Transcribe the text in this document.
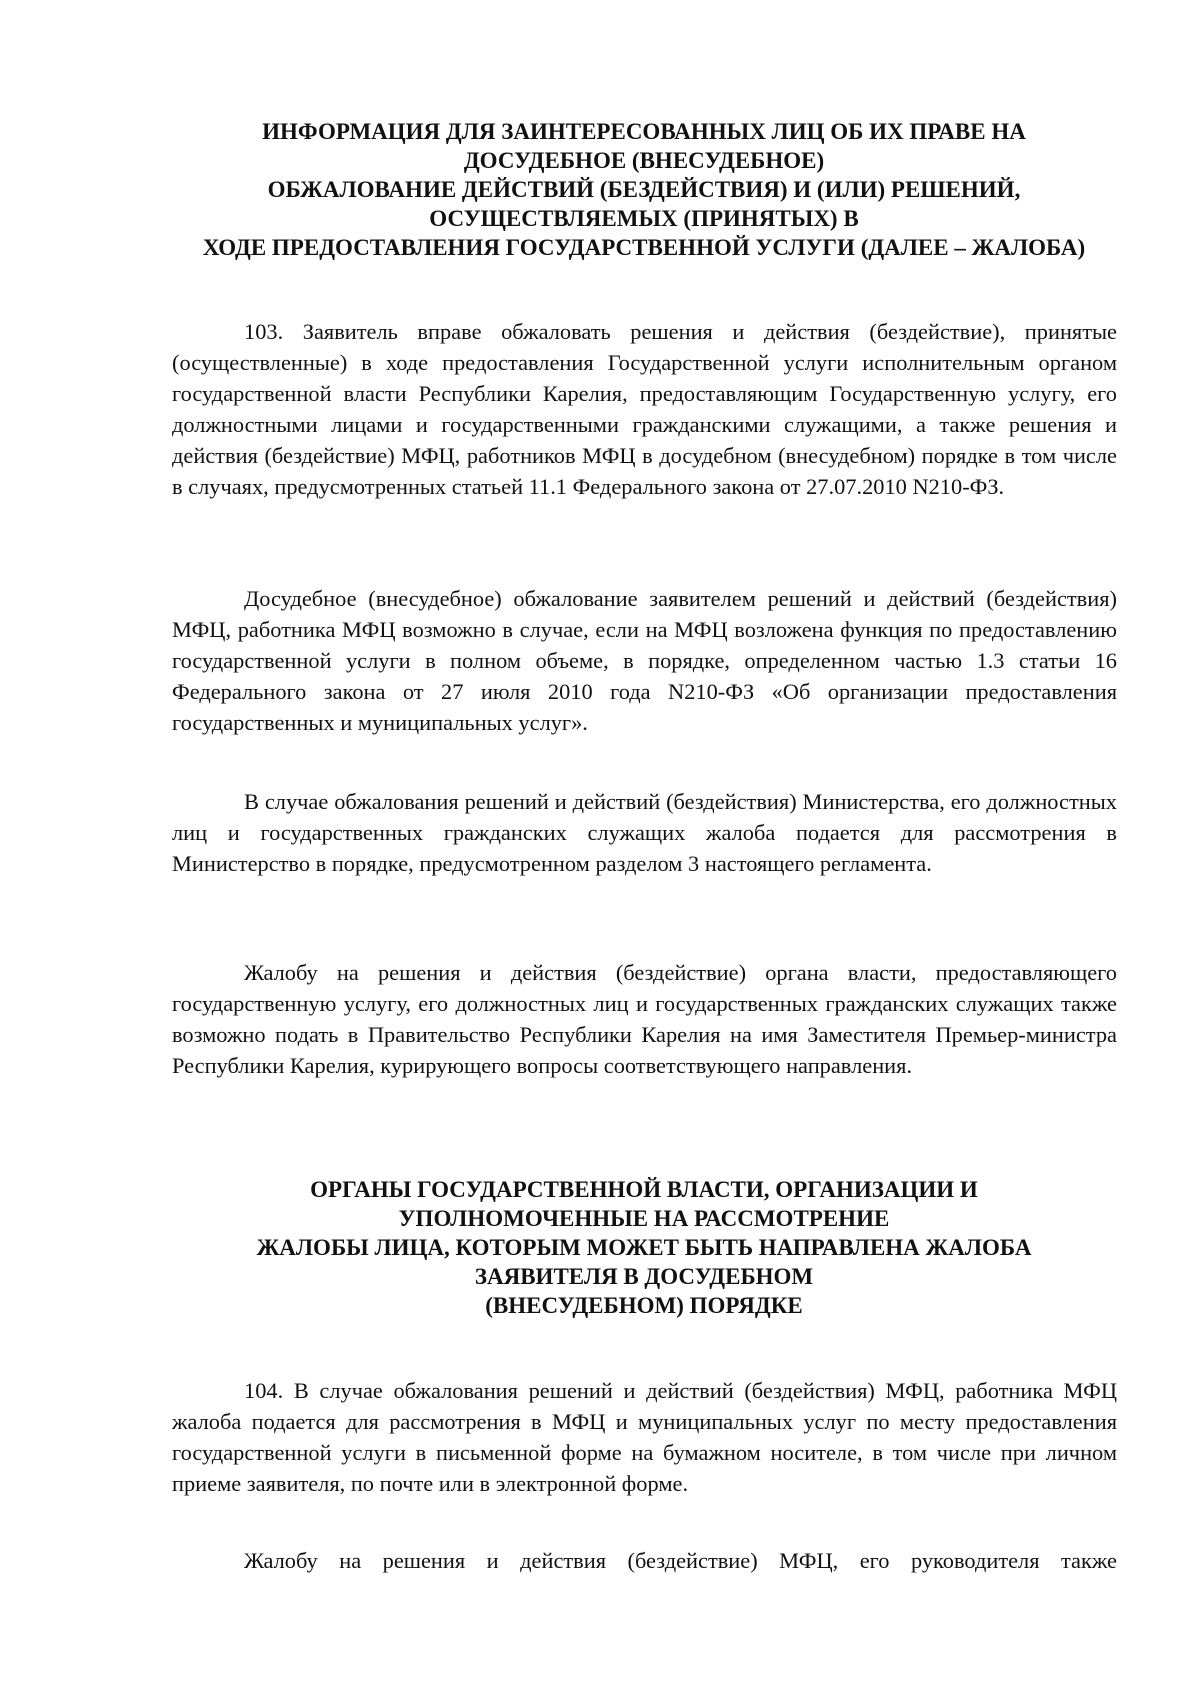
ИНФОРМАЦИЯ ДЛЯ ЗАИНТЕРЕСОВАННЫХ ЛИЦ ОБ ИХ ПРАВЕ НА
ДОСУДЕБНОЕ (ВНЕСУДЕБНОЕ)
ОБЖАЛОВАНИЕ ДЕЙСТВИЙ (БЕЗДЕЙСТВИЯ) И (ИЛИ) РЕШЕНИЙ,
ОСУЩЕСТВЛЯЕМЫХ (ПРИНЯТЫХ) В
ХОДЕ ПРЕДОСТАВЛЕНИЯ ГОСУДАРСТВЕННОЙ УСЛУГИ (ДАЛЕЕ – ЖАЛОБА)

103. Заявитель вправе обжаловать решения и действия (бездействие), принятые (осуществленные) в ходе предоставления Государственной услуги исполнительным органом государственной власти Республики Карелия, предоставляющим Государственную услугу, его должностными лицами и государственными гражданскими служащими, а также решения и действия (бездействие) МФЦ, работников МФЦ в досудебном (внесудебном) порядке в том числе в случаях, предусмотренных статьей 11.1 Федерального закона от 27.07.2010 N210-ФЗ.

Досудебное (внесудебное) обжалование заявителем решений и действий (бездействия) МФЦ, работника МФЦ возможно в случае, если на МФЦ возложена функция по предоставлению государственной услуги в полном объеме, в порядке, определенном частью 1.3 статьи 16 Федерального закона от 27 июля 2010 года N210-ФЗ «Об организации предоставления государственных и муниципальных услуг».

В случае обжалования решений и действий (бездействия) Министерства, его должностных лиц и государственных гражданских служащих жалоба подается для рассмотрения в Министерство в порядке, предусмотренном разделом 3 настоящего регламента.

Жалобу на решения и действия (бездействие) органа власти, предоставляющего государственную услугу, его должностных лиц и государственных гражданских служащих также возможно подать в Правительство Республики Карелия на имя Заместителя Премьер-министра Республики Карелия, курирующего вопросы соответствующего направления.

ОРГАНЫ ГОСУДАРСТВЕННОЙ ВЛАСТИ, ОРГАНИЗАЦИИ И
УПОЛНОМОЧЕННЫЕ НА РАССМОТРЕНИЕ
ЖАЛОБЫ ЛИЦА, КОТОРЫМ МОЖЕТ БЫТЬ НАПРАВЛЕНА ЖАЛОБА
ЗАЯВИТЕЛЯ В ДОСУДЕБНОМ
(ВНЕСУДЕБНОМ) ПОРЯДКЕ

104. В случае обжалования решений и действий (бездействия) МФЦ, работника МФЦ жалоба подается для рассмотрения в МФЦ и муниципальных услуг по месту предоставления государственной услуги в письменной форме на бумажном носителе, в том числе при личном приеме заявителя, по почте или в электронной форме.

Жалобу на решения и действия (бездействие) МФЦ, его руководителя также
